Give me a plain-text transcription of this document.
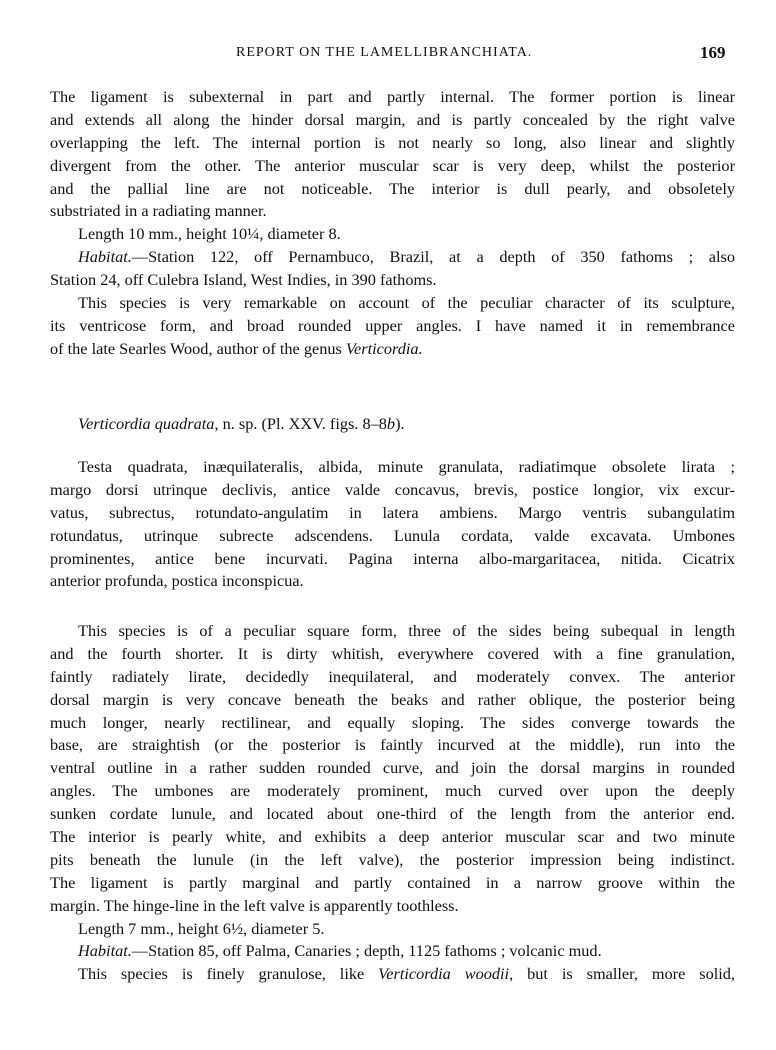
REPORT ON THE LAMELLIBRANCHIATA.	169
The ligament is subexternal in part and partly internal. The former portion is linear
and extends all along the hinder dorsal margin, and is partly concealed by the right valve
overlapping the left. The internal portion is not nearly so long, also linear and slightly
divergent from the other. The anterior muscular scar is very deep, whilst the posterior
and the pallial line are not noticeable. The interior is dull pearly, and obsoletely
substriated in a radiating manner.
Length 10 mm., height 10¼, diameter 8.
Habitat.—Station 122, off Pernambuco, Brazil, at a depth of 350 fathoms ; also
Station 24, off Culebra Island, West Indies, in 390 fathoms.
This species is very remarkable on account of the peculiar character of its sculpture,
its ventricose form, and broad rounded upper angles. I have named it in remembrance
of the late Searles Wood, author of the genus Verticordia.
Verticordia quadrata, n. sp. (Pl. XXV. figs. 8–8b).
Testa quadrata, inæquilateralis, albida, minute granulata, radiatimque obsolete lirata ;
margo dorsi utrinque declivis, antice valde concavus, brevis, postice longior, vix excur-
vatus, subrectus, rotundato-angulatim in latera ambiens. Margo ventris subangulatim
rotundatus, utrinque subrecte adscendens. Lunula cordata, valde excavata. Umbones
prominentes, antice bene incurvati. Pagina interna albo-margaritacea, nitida. Cicatrix
anterior profunda, postica inconspicua.
This species is of a peculiar square form, three of the sides being subequal in length
and the fourth shorter. It is dirty whitish, everywhere covered with a fine granulation,
faintly radiately lirate, decidedly inequilateral, and moderately convex. The anterior
dorsal margin is very concave beneath the beaks and rather oblique, the posterior being
much longer, nearly rectilinear, and equally sloping. The sides converge towards the
base, are straightish (or the posterior is faintly incurved at the middle), run into the
ventral outline in a rather sudden rounded curve, and join the dorsal margins in rounded
angles. The umbones are moderately prominent, much curved over upon the deeply
sunken cordate lunule, and located about one-third of the length from the anterior end.
The interior is pearly white, and exhibits a deep anterior muscular scar and two minute
pits beneath the lunule (in the left valve), the posterior impression being indistinct.
The ligament is partly marginal and partly contained in a narrow groove within the
margin. The hinge-line in the left valve is apparently toothless.
Length 7 mm., height 6½, diameter 5.
Habitat.—Station 85, off Palma, Canaries ; depth, 1125 fathoms ; volcanic mud.
This species is finely granulose, like Verticordia woodii, but is smaller, more solid,
